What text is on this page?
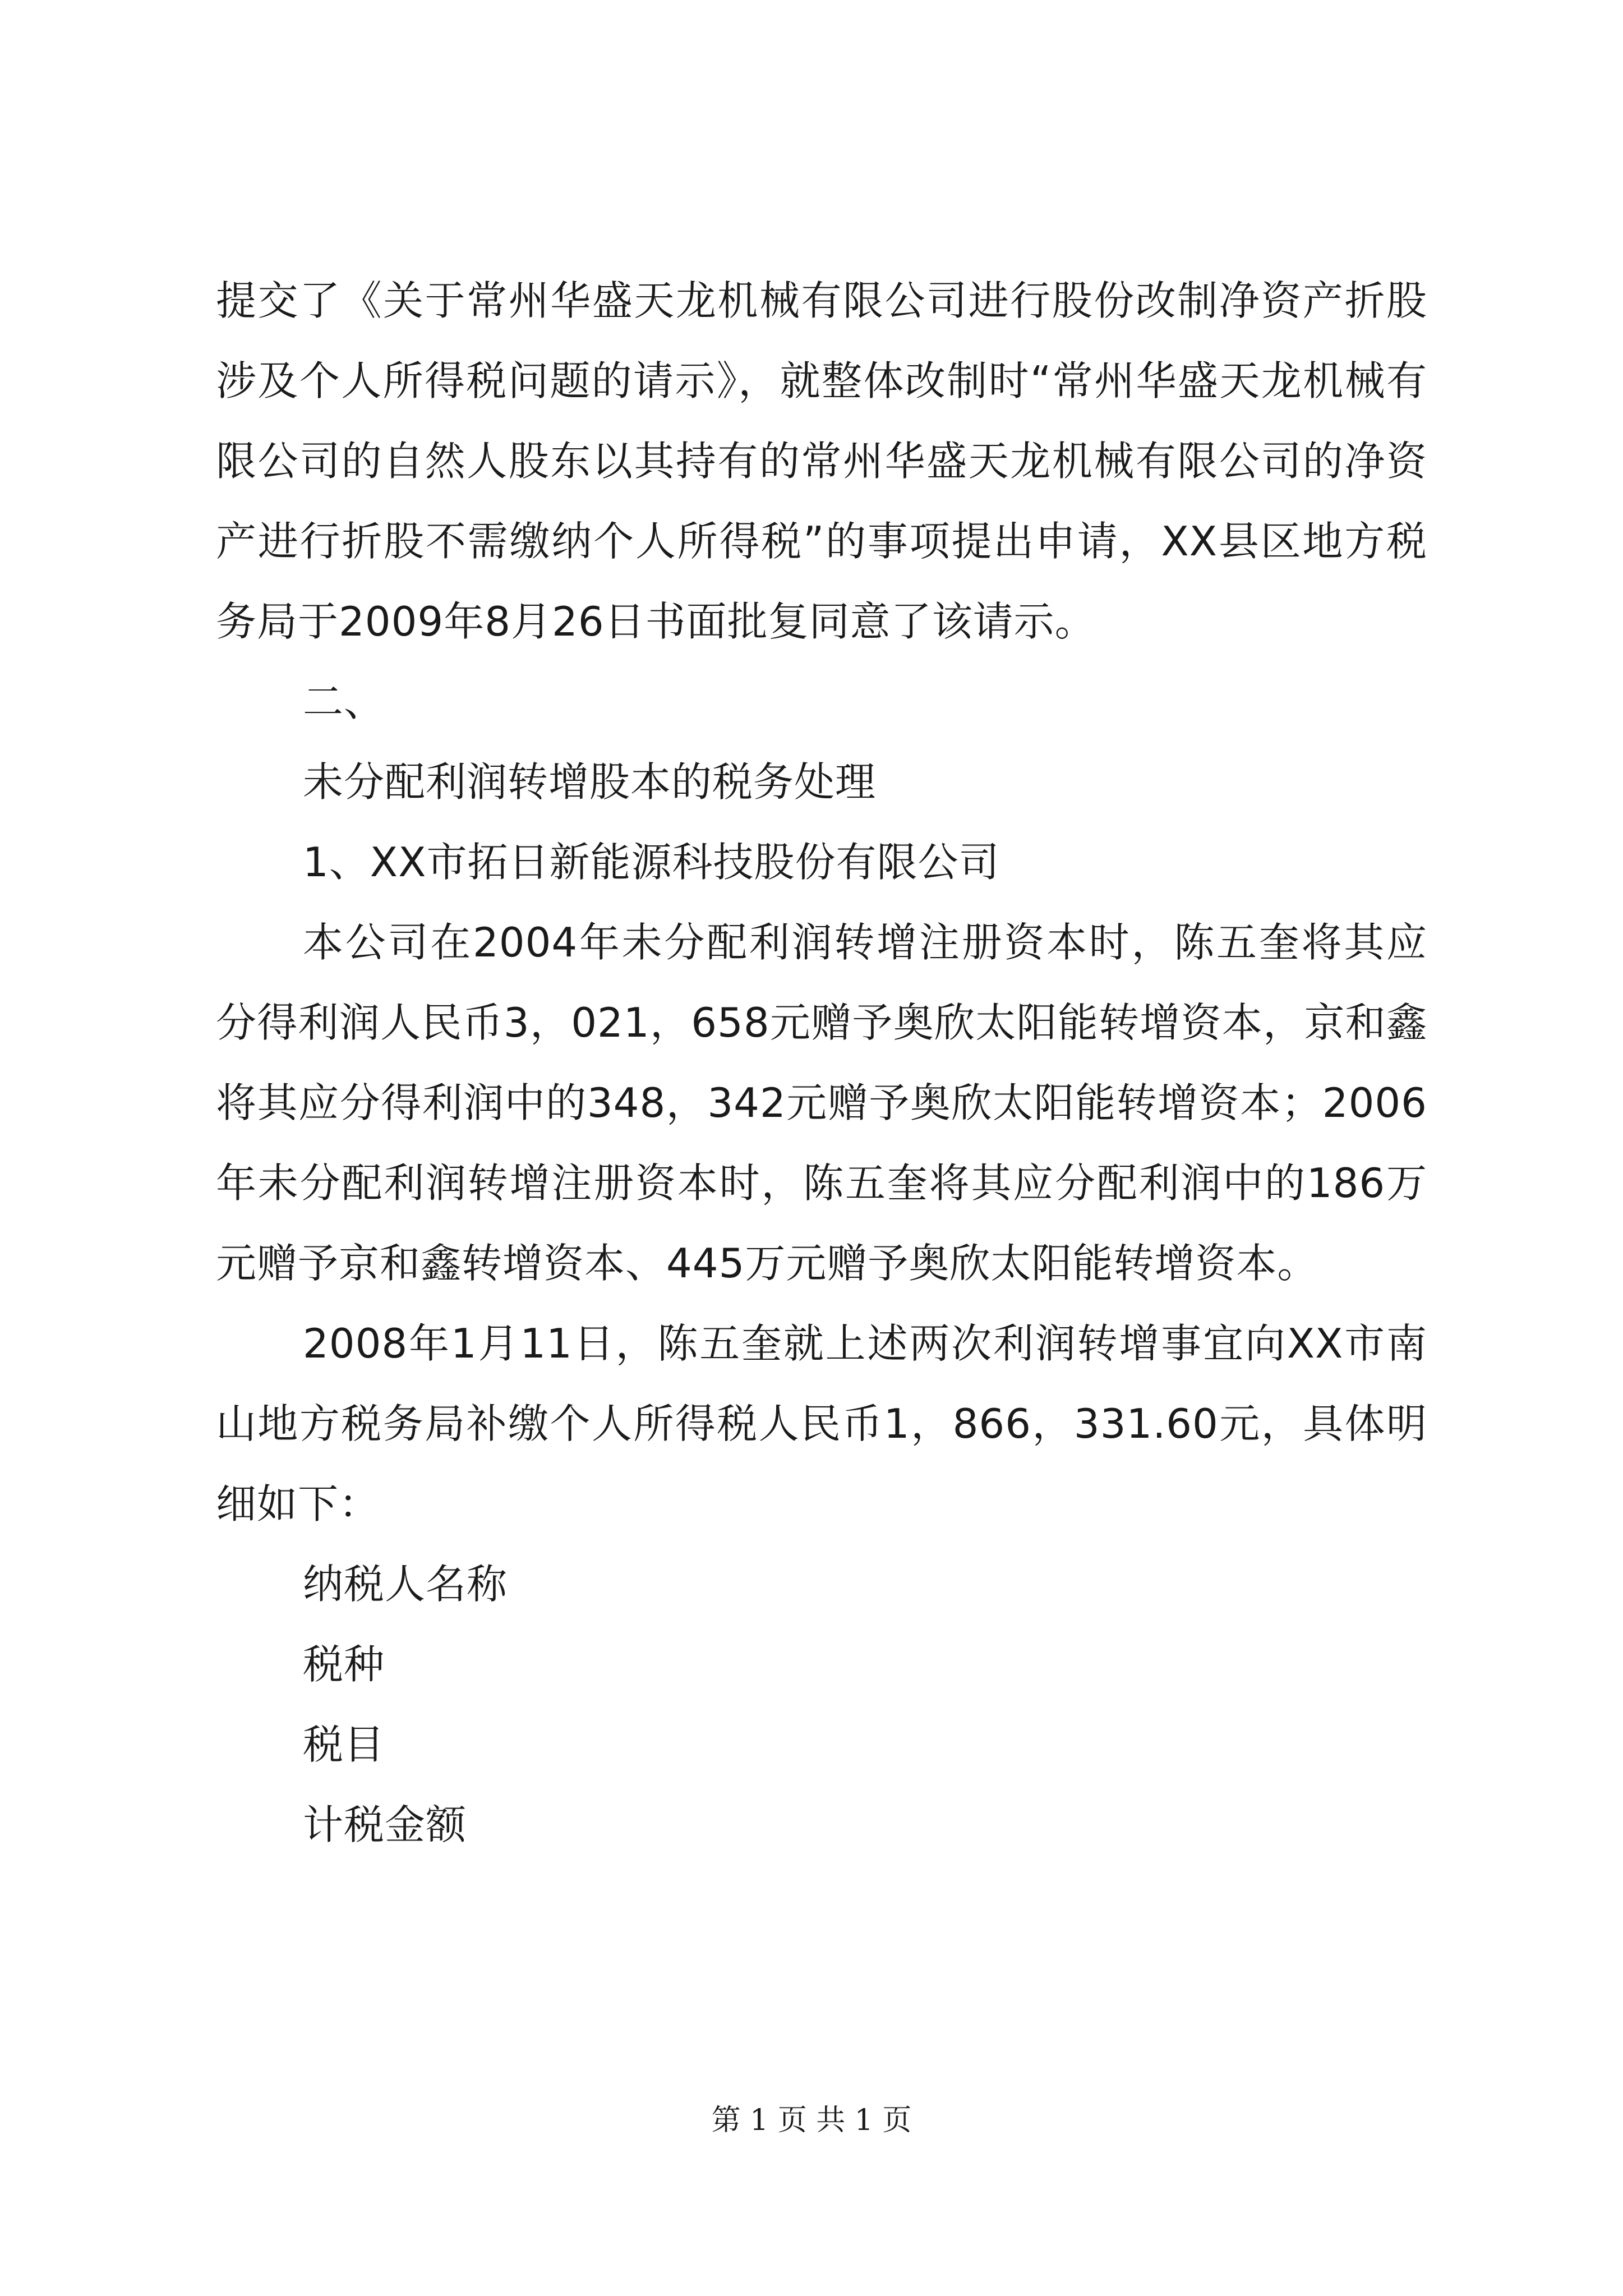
提交了《关于常州华盛天龙机械有限公司进行股份改制净资产折股涉及个人所得税问题的请示》，就整体改制时“常州华盛天龙机械有限公司的自然人股东以其持有的常州华盛天龙机械有限公司的净资产进行折股不需缴纳个人所得税”的事项提出申请，XX县区地方税务局于2009年8月26日书面批复同意了该请示。

二、

未分配利润转增股本的税务处理

1、XX市拓日新能源科技股份有限公司

本公司在2004年未分配利润转增注册资本时，陈五奎将其应分得利润人民币3，021，658元赠予奥欣太阳能转增资本，京和鑫将其应分得利润中的348，342元赠予奥欣太阳能转增资本；2006年未分配利润转增注册资本时，陈五奎将其应分配利润中的186万元赠予京和鑫转增资本、445万元赠予奥欣太阳能转增资本。

2008年1月11日，陈五奎就上述两次利润转增事宜向XX市南山地方税务局补缴个人所得税人民币1，866，331.60元，具体明细如下：

纳税人名称

税种

税目

计税金额

第 1 页 共 1 页
